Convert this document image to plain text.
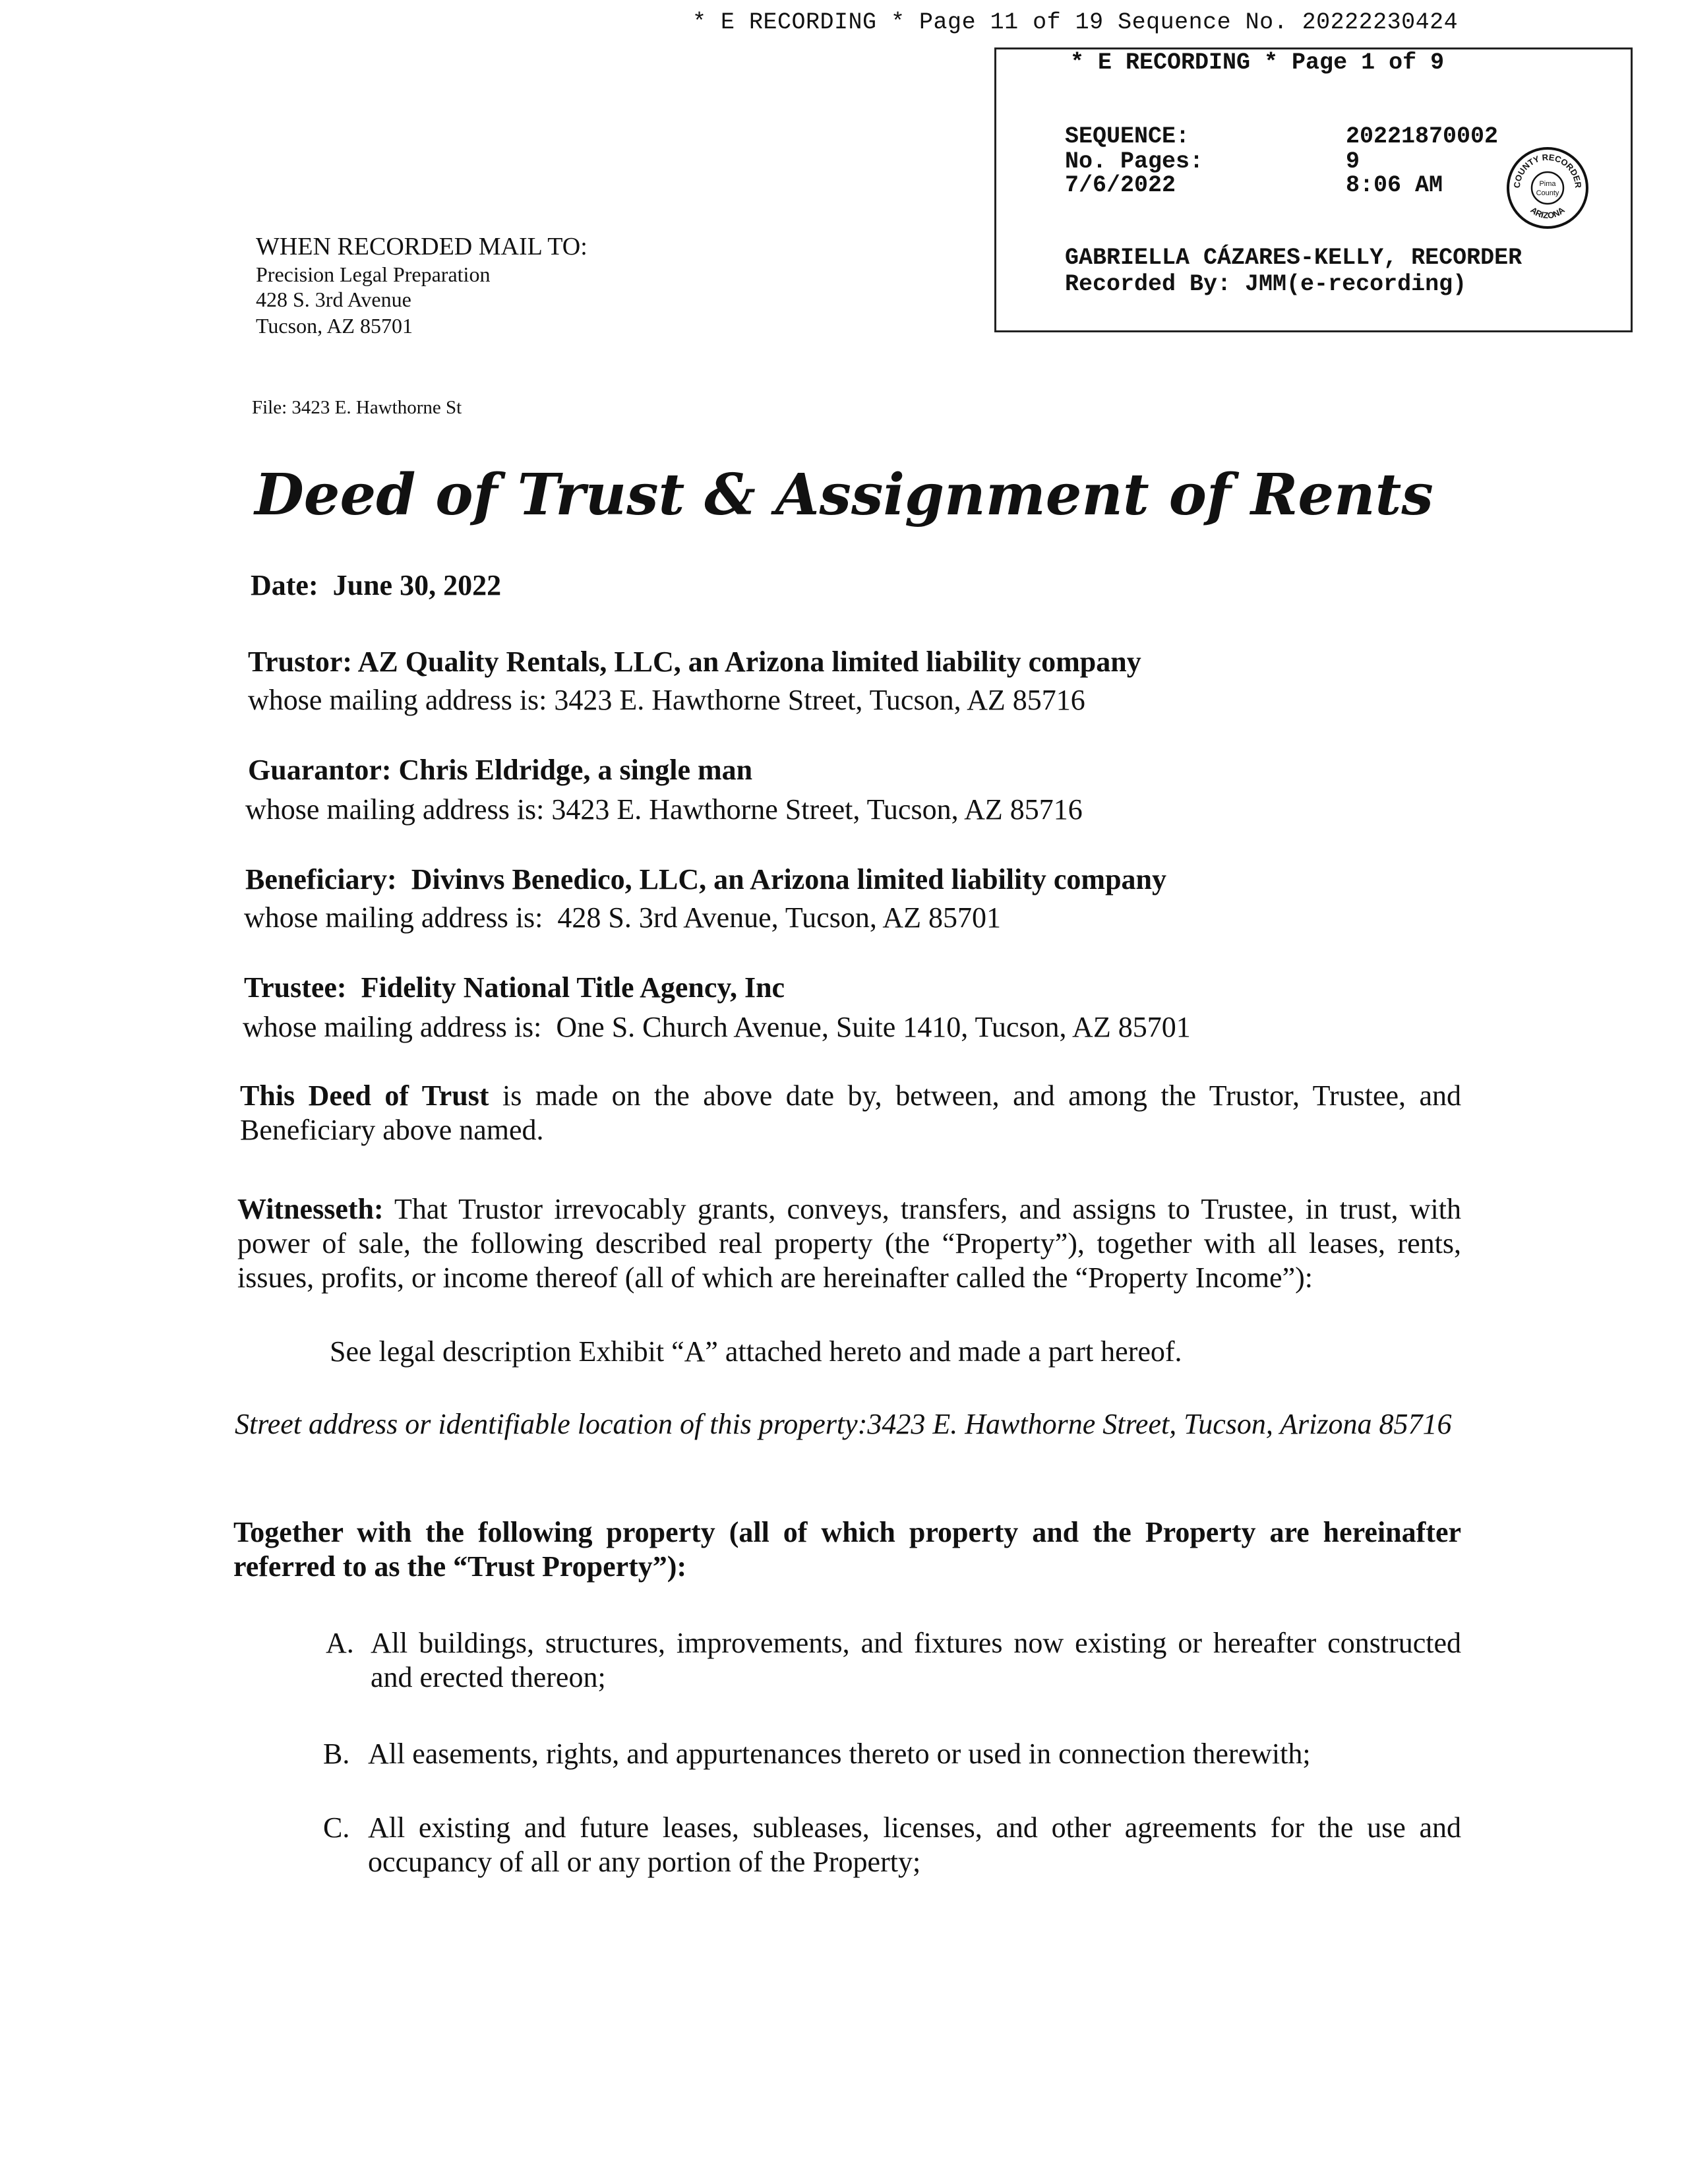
* E RECORDING * Page 11 of 19 Sequence No. 20222230424
* E RECORDING * Page 1 of 9
SEQUENCE:	20221870002
No. Pages:	9
7/6/2022	8:06 AM
GABRIELLA CÁZARES-KELLY, RECORDER
Recorded By: JMM(e-recording)
COUNTY RECORDER
ARIZONA
Pima
County
WHEN RECORDED MAIL TO:
Precision Legal Preparation
428 S. 3rd Avenue
Tucson, AZ 85701
File: 3423 E. Hawthorne St
Deed of Trust & Assignment of Rents
Date: June 30, 2022
Trustor: AZ Quality Rentals, LLC, an Arizona limited liability company
whose mailing address is: 3423 E. Hawthorne Street, Tucson, AZ 85716
Guarantor: Chris Eldridge, a single man
whose mailing address is: 3423 E. Hawthorne Street, Tucson, AZ 85716
Beneficiary: Divinvs Benedico, LLC, an Arizona limited liability company
whose mailing address is:  428 S. 3rd Avenue, Tucson, AZ 85701
Trustee: Fidelity National Title Agency, Inc
whose mailing address is:  One S. Church Avenue, Suite 1410, Tucson, AZ 85701
This Deed of Trust is made on the above date by, between, and among the Trustor, Trustee, and Beneficiary above named.
Witnesseth: That Trustor irrevocably grants, conveys, transfers, and assigns to Trustee, in trust, with power of sale, the following described real property (the “Property”), together with all leases, rents, issues, profits, or income thereof (all of which are hereinafter called the “Property Income”):
See legal description Exhibit “A” attached hereto and made a part hereof.
Street address or identifiable location of this property:3423 E. Hawthorne Street, Tucson, Arizona 85716
Together with the following property (all of which property and the Property are hereinafter referred to as the “Trust Property”):
A. All buildings, structures, improvements, and fixtures now existing or hereafter constructed and erected thereon;
B. All easements, rights, and appurtenances thereto or used in connection therewith;
C. All existing and future leases, subleases, licenses, and other agreements for the use and occupancy of all or any portion of the Property;
